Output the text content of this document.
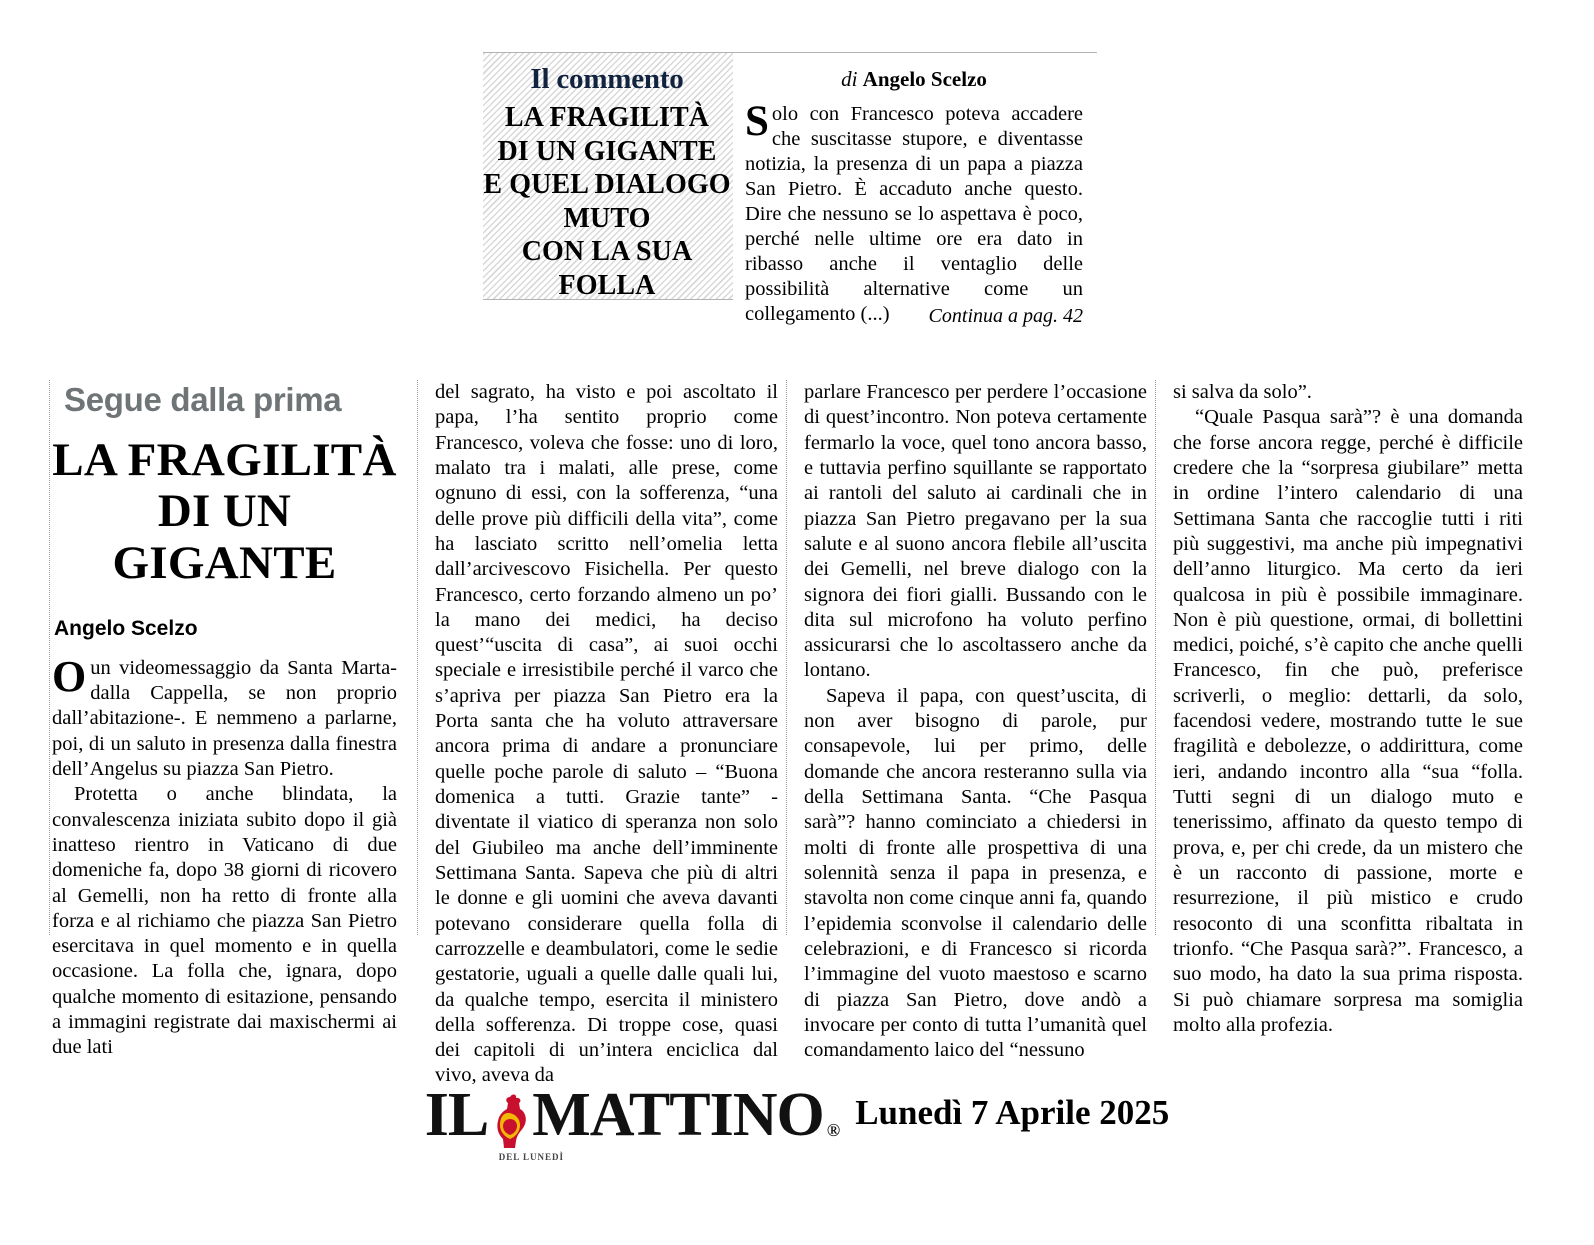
Il commento
LA FRAGILITÀ
DI UN GIGANTE
E QUEL DIALOGO
MUTO
CON LA SUA
FOLLA
di Angelo Scelzo
Solo con Francesco poteva accadere che suscitasse stupore, e diventasse notizia, la presenza di un papa a piazza San Pietro. È accaduto anche questo. Dire che nessuno se lo aspettava è poco, perché nelle ultime ore era dato in ribasso anche il ventaglio delle possibilità alternative come un collegamento (...)	Continua a pag. 42
Segue dalla prima
LA FRAGILITÀ
DI UN GIGANTE
Angelo Scelzo

Oun videomessaggio da Santa Marta- dalla Cappella, se non proprio dall’abitazione-. E nemmeno a parlarne, poi, di un saluto in presenza dalla finestra dell’Angelus su piazza San Pietro.

Protetta o anche blindata, la convalescenza iniziata subito dopo il già inatteso rientro in Vaticano di due domeniche fa, dopo 38 giorni di ricovero al Gemelli, non ha retto di fronte alla forza e al richiamo che piazza San Pietro esercitava in quel momento e in quella occasione. La folla che, ignara, dopo qualche momento di esitazione, pensando a immagini registrate dai maxischermi ai due lati

del sagrato, ha visto e poi ascoltato il papa, l’ha sentito proprio come Francesco, voleva che fosse: uno di loro, malato tra i malati, alle prese, come ognuno di essi, con la sofferenza, “una delle prove più difficili della vita”, come ha lasciato scritto nell’omelia letta dall’arcivescovo Fisichella. Per questo Francesco, certo forzando almeno un po’ la mano dei medici, ha deciso quest’“uscita di casa”, ai suoi occhi speciale e irresistibile perché il varco che s’apriva per piazza San Pietro era la Porta santa che ha voluto attraversare ancora prima di andare a pronunciare quelle poche parole di saluto – “Buona domenica a tutti. Grazie tante” - diventate il viatico di speranza non solo del Giubileo ma anche dell’imminente Settimana Santa. Sapeva che più di altri le donne e gli uomini che aveva davanti potevano considerare quella folla di carrozzelle e deambulatori, come le sedie gestatorie, uguali a quelle dalle quali lui, da qualche tempo, esercita il ministero della sofferenza. Di troppe cose, quasi dei capitoli di un’intera enciclica dal vivo, aveva da

parlare Francesco per perdere l’occasione di quest’incontro. Non poteva certamente fermarlo la voce, quel tono ancora basso, e tuttavia perfino squillante se rapportato ai rantoli del saluto ai cardinali che in piazza San Pietro pregavano per la sua salute e al suono ancora flebile all’uscita dei Gemelli, nel breve dialogo con la signora dei fiori gialli. Bussando con le dita sul microfono ha voluto perfino assicurarsi che lo ascoltassero anche da lontano.

Sapeva il papa, con quest’uscita, di non aver bisogno di parole, pur consapevole, lui per primo, delle domande che ancora resteranno sulla via della Settimana Santa. “Che Pasqua sarà”? hanno cominciato a chiedersi in molti di fronte alle prospettiva di una solennità senza il papa in presenza, e stavolta non come cinque anni fa, quando l’epidemia sconvolse il calendario delle celebrazioni, e di Francesco si ricorda l’immagine del vuoto maestoso e scarno di piazza San Pietro, dove andò a invocare per conto di tutta l’umanità quel comandamento laico del “nessuno

si salva da solo”.

“Quale Pasqua sarà”? è una domanda che forse ancora regge, perché è difficile credere che la “sorpresa giubilare” metta in ordine l’intero calendario di una Settimana Santa che raccoglie tutti i riti più suggestivi, ma anche più impegnativi dell’anno liturgico. Ma certo da ieri qualcosa in più è possibile immaginare. Non è più questione, ormai, di bollettini medici, poiché, s’è capito che anche quelli Francesco, fin che può, preferisce scriverli, o meglio: dettarli, da solo, facendosi vedere, mostrando tutte le sue fragilità e debolezze, o addirittura, come ieri, andando incontro alla “sua “folla. Tutti segni di un dialogo muto e tenerissimo, affinato da questo tempo di prova, e, per chi crede, da un mistero che è un racconto di passione, morte e resurrezione, il più mistico e crudo resoconto di una sconfitta ribaltata in trionfo. “Che Pasqua sarà?”. Francesco, a suo modo, ha dato la sua prima risposta. Si può chiamare sorpresa ma somiglia molto alla profezia.

IL MATTINO ®
DEL LUNEDÌ
Lunedì 7 Aprile 2025
